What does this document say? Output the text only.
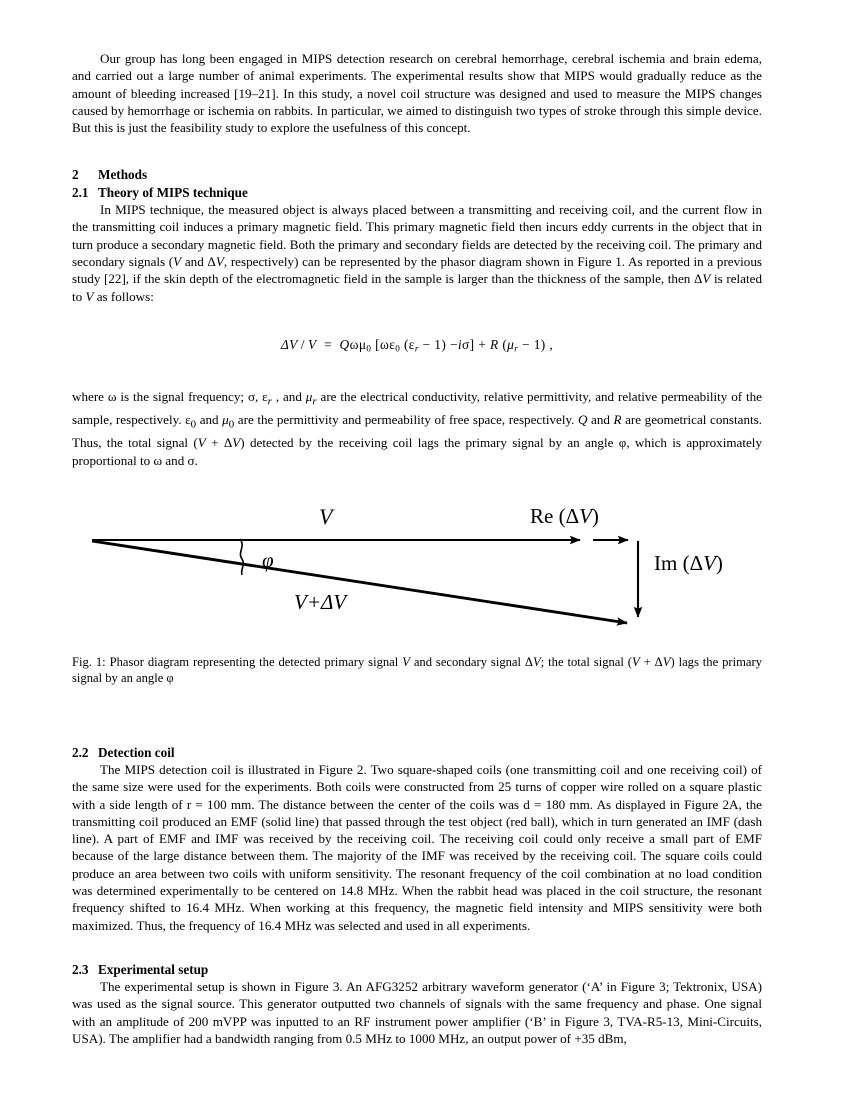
Our group has long been engaged in MIPS detection research on cerebral hemorrhage, cerebral ischemia and brain edema, and carried out a large number of animal experiments. The experimental results show that MIPS would gradually reduce as the amount of bleeding increased [19–21]. In this study, a novel coil structure was designed and used to measure the MIPS changes caused by hemorrhage or ischemia on rabbits. In particular, we aimed to distinguish two types of stroke through this simple device. But this is just the feasibility study to explore the usefulness of this concept.

2 Methods
2.1 Theory of MIPS technique

In MIPS technique, the measured object is always placed between a transmitting and receiving coil, and the current flow in the transmitting coil induces a primary magnetic field. This primary magnetic field then incurs eddy currents in the object that in turn produce a secondary magnetic field. Both the primary and secondary fields are detected by the receiving coil. The primary and secondary signals (V and ΔV, respectively) can be represented by the phasor diagram shown in Figure 1. As reported in a previous study [22], if the skin depth of the electromagnetic field in the sample is larger than the thickness of the sample, then ΔV is related to V as follows:

ΔV / V  =  Qωμ$_0$ [$\omega\varepsilon_0$ $(\varepsilon_r - 1) -i\sigma] + R$ $(\mu_r - 1)$ ,

where ω is the signal frequency; σ, $\varepsilon_r$ , and $\mu_r$ are the electrical conductivity, relative permittivity, and relative permeability of the sample, respectively. $\varepsilon_0$ and $\mu_0$ are the permittivity and permeability of free space, respectively. Q and R are geometrical constants. Thus, the total signal (V + ΔV) detected by the receiving coil lags the primary signal by an angle φ, which is approximately proportional to ω and σ.

V	Re (ΔV)
Im (ΔV)
V+ΔV
φ

Fig. 1: Phasor diagram representing the detected primary signal V and secondary signal ΔV; the total signal (V + ΔV) lags the primary signal by an angle φ

2.2 Detection coil

The MIPS detection coil is illustrated in Figure 2. Two square-shaped coils (one transmitting coil and one receiving coil) of the same size were used for the experiments. Both coils were constructed from 25 turns of copper wire rolled on a square plastic with a side length of r = 100 mm. The distance between the center of the coils was d = 180 mm. As displayed in Figure 2A, the transmitting coil produced an EMF (solid line) that passed through the test object (red ball), which in turn generated an IMF (dash line). A part of EMF and IMF was received by the receiving coil. The receiving coil could only receive a small part of EMF because of the large distance between them. The majority of the IMF was received by the receiving coil. The square coils could produce an area between two coils with uniform sensitivity. The resonant frequency of the coil combination at no load condition was determined experimentally to be centered on 14.8 MHz. When the rabbit head was placed in the coil structure, the resonant frequency shifted to 16.4 MHz. When working at this frequency, the magnetic field intensity and MIPS sensitivity were both maximized. Thus, the frequency of 16.4 MHz was selected and used in all experiments.

2.3 Experimental setup

The experimental setup is shown in Figure 3. An AFG3252 arbitrary waveform generator (‘A’ in Figure 3; Tektronix, USA) was used as the signal source. This generator outputted two channels of signals with the same frequency and phase. One signal with an amplitude of 200 mVPP was inputted to an RF instrument power amplifier (‘B’ in Figure 3, TVA-R5-13, Mini-Circuits, USA). The amplifier had a bandwidth ranging from 0.5 MHz to 1000 MHz, an output power of +35 dBm,
